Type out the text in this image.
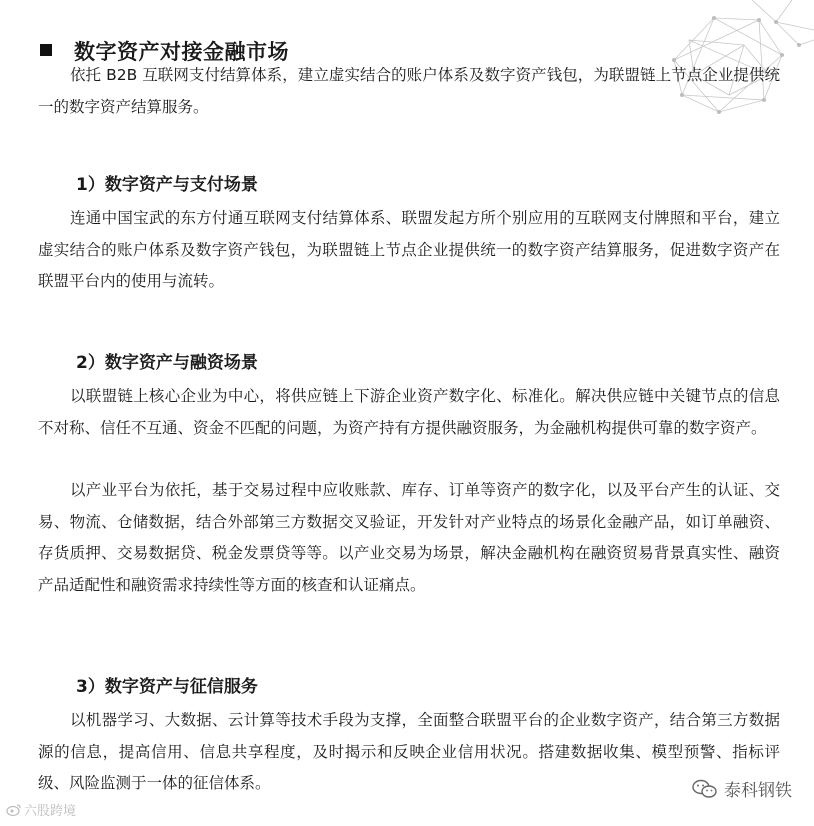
数字资产对接金融市场

依托 B2B 互联网支付结算体系，建立虚实结合的账户体系及数字资产钱包，为联盟链上节点企业提供统一的数字资产结算服务。

1）数字资产与支付场景

连通中国宝武的东方付通互联网支付结算体系、联盟发起方所个别应用的互联网支付牌照和平台，建立虚实结合的账户体系及数字资产钱包，为联盟链上节点企业提供统一的数字资产结算服务，促进数字资产在联盟平台内的使用与流转。

2）数字资产与融资场景

以联盟链上核心企业为中心，将供应链上下游企业资产数字化、标准化。解决供应链中关键节点的信息不对称、信任不互通、资金不匹配的问题，为资产持有方提供融资服务，为金融机构提供可靠的数字资产。

以产业平台为依托，基于交易过程中应收账款、库存、订单等资产的数字化，以及平台产生的认证、交易、物流、仓储数据，结合外部第三方数据交叉验证，开发针对产业特点的场景化金融产品，如订单融资、存货质押、交易数据贷、税金发票贷等等。以产业交易为场景，解决金融机构在融资贸易背景真实性、融资产品适配性和融资需求持续性等方面的核查和认证痛点。

3）数字资产与征信服务

以机器学习、大数据、云计算等技术手段为支撑，全面整合联盟平台的企业数字资产，结合第三方数据源的信息，提高信用、信息共享程度，及时揭示和反映企业信用状况。搭建数据收集、模型预警、指标评级、风险监测于一体的征信体系。

六股跨境
泰科钢铁
